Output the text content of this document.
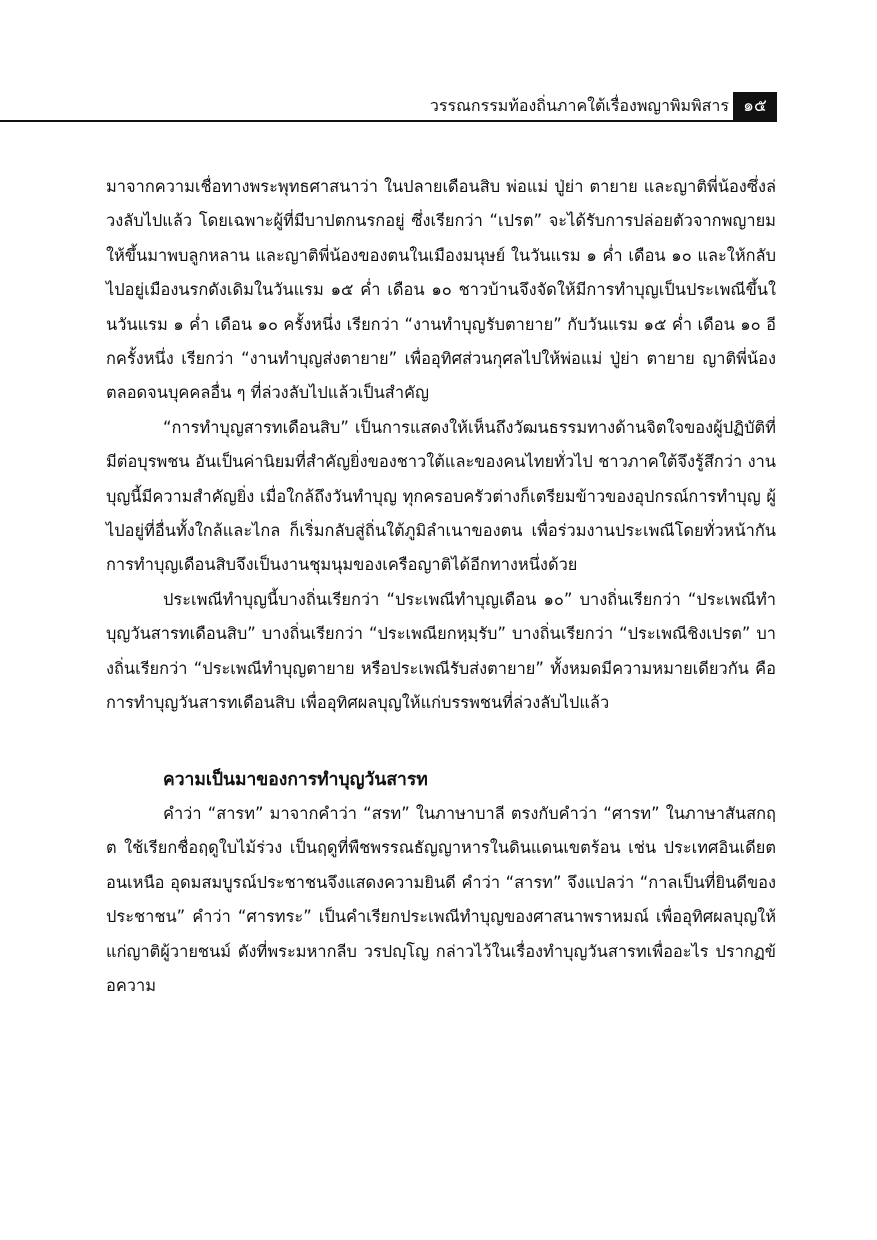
วรรณกรรมท้องถิ่นภาคใต้เรื่องพญาพิมพิสาร ๑๕

มาจากความเชื่อทางพระพุทธศาสนาว่า ในปลายเดือนสิบ พ่อแม่ ปู่ย่า ตายาย และญาติพี่น้องซึ่งล่วงลับไปแล้ว โดยเฉพาะผู้ที่มีบาปตกนรกอยู่ ซึ่งเรียกว่า “เปรต” จะได้รับการปล่อยตัวจากพญายมให้ขึ้นมาพบลูกหลาน และญาติพี่น้องของตนในเมืองมนุษย์ ในวันแรม ๑ ค่ำ เดือน ๑๐ และให้กลับไปอยู่เมืองนรกดังเดิมในวันแรม ๑๕ ค่ำ เดือน ๑๐ ชาวบ้านจึงจัดให้มีการทำบุญเป็นประเพณีขึ้นในวันแรม ๑ ค่ำ เดือน ๑๐ ครั้งหนึ่ง เรียกว่า “งานทำบุญรับตายาย” กับวันแรม ๑๕ ค่ำ เดือน ๑๐ อีกครั้งหนึ่ง เรียกว่า “งานทำบุญส่งตายาย” เพื่ออุทิศส่วนกุศลไปให้พ่อแม่ ปู่ย่า ตายาย ญาติพี่น้อง ตลอดจนบุคคลอื่น ๆ ที่ล่วงลับไปแล้วเป็นสำคัญ

“การทำบุญสารทเดือนสิบ” เป็นการแสดงให้เห็นถึงวัฒนธรรมทางด้านจิตใจของผู้ปฏิบัติที่มีต่อบุรพชน อันเป็นค่านิยมที่สำคัญยิ่งของชาวใต้และของคนไทยทั่วไป ชาวภาคใต้จึงรู้สึกว่า งานบุญนี้มีความสำคัญยิ่ง เมื่อใกล้ถึงวันทำบุญ ทุกครอบครัวต่างก็เตรียมข้าวของอุปกรณ์การทำบุญ ผู้ไปอยู่ที่อื่นทั้งใกล้และไกล ก็เริ่มกลับสู่ถิ่นใต้ภูมิลำเนาของตน เพื่อร่วมงานประเพณีโดยทั่วหน้ากัน การทำบุญเดือนสิบจึงเป็นงานชุมนุมของเครือญาติได้อีกทางหนึ่งด้วย

ประเพณีทำบุญนี้บางถิ่นเรียกว่า “ประเพณีทำบุญเดือน ๑๐” บางถิ่นเรียกว่า “ประเพณีทำบุญวันสารทเดือนสิบ” บางถิ่นเรียกว่า “ประเพณียกหฺมฺรับ” บางถิ่นเรียกว่า “ประเพณีชิงเปรต” บางถิ่นเรียกว่า “ประเพณีทำบุญตายาย หรือประเพณีรับส่งตายาย” ทั้งหมดมีความหมายเดียวกัน คือ การทำบุญวันสารทเดือนสิบ เพื่ออุทิศผลบุญให้แก่บรรพชนที่ล่วงลับไปแล้ว

ความเป็นมาของการทำบุญวันสารท

คำว่า “สารท” มาจากคำว่า “สรท” ในภาษาบาลี ตรงกับคำว่า “ศารท” ในภาษาสันสกฤต ใช้เรียกชื่อฤดูใบไม้ร่วง เป็นฤดูที่พืชพรรณธัญญาหารในดินแดนเขตร้อน เช่น ประเทศอินเดียตอนเหนือ อุดมสมบูรณ์ประชาชนจึงแสดงความยินดี คำว่า “สารท” จึงแปลว่า “กาลเป็นที่ยินดีของประชาชน” คำว่า “ศารทระ” เป็นคำเรียกประเพณีทำบุญของศาสนาพราหมณ์ เพื่ออุทิศผลบุญให้แก่ญาติผู้วายชนม์ ดังที่พระมหากลีบ วรปญฺโญ กล่าวไว้ในเรื่องทำบุญวันสารทเพื่ออะไร ปรากฏข้อความ
